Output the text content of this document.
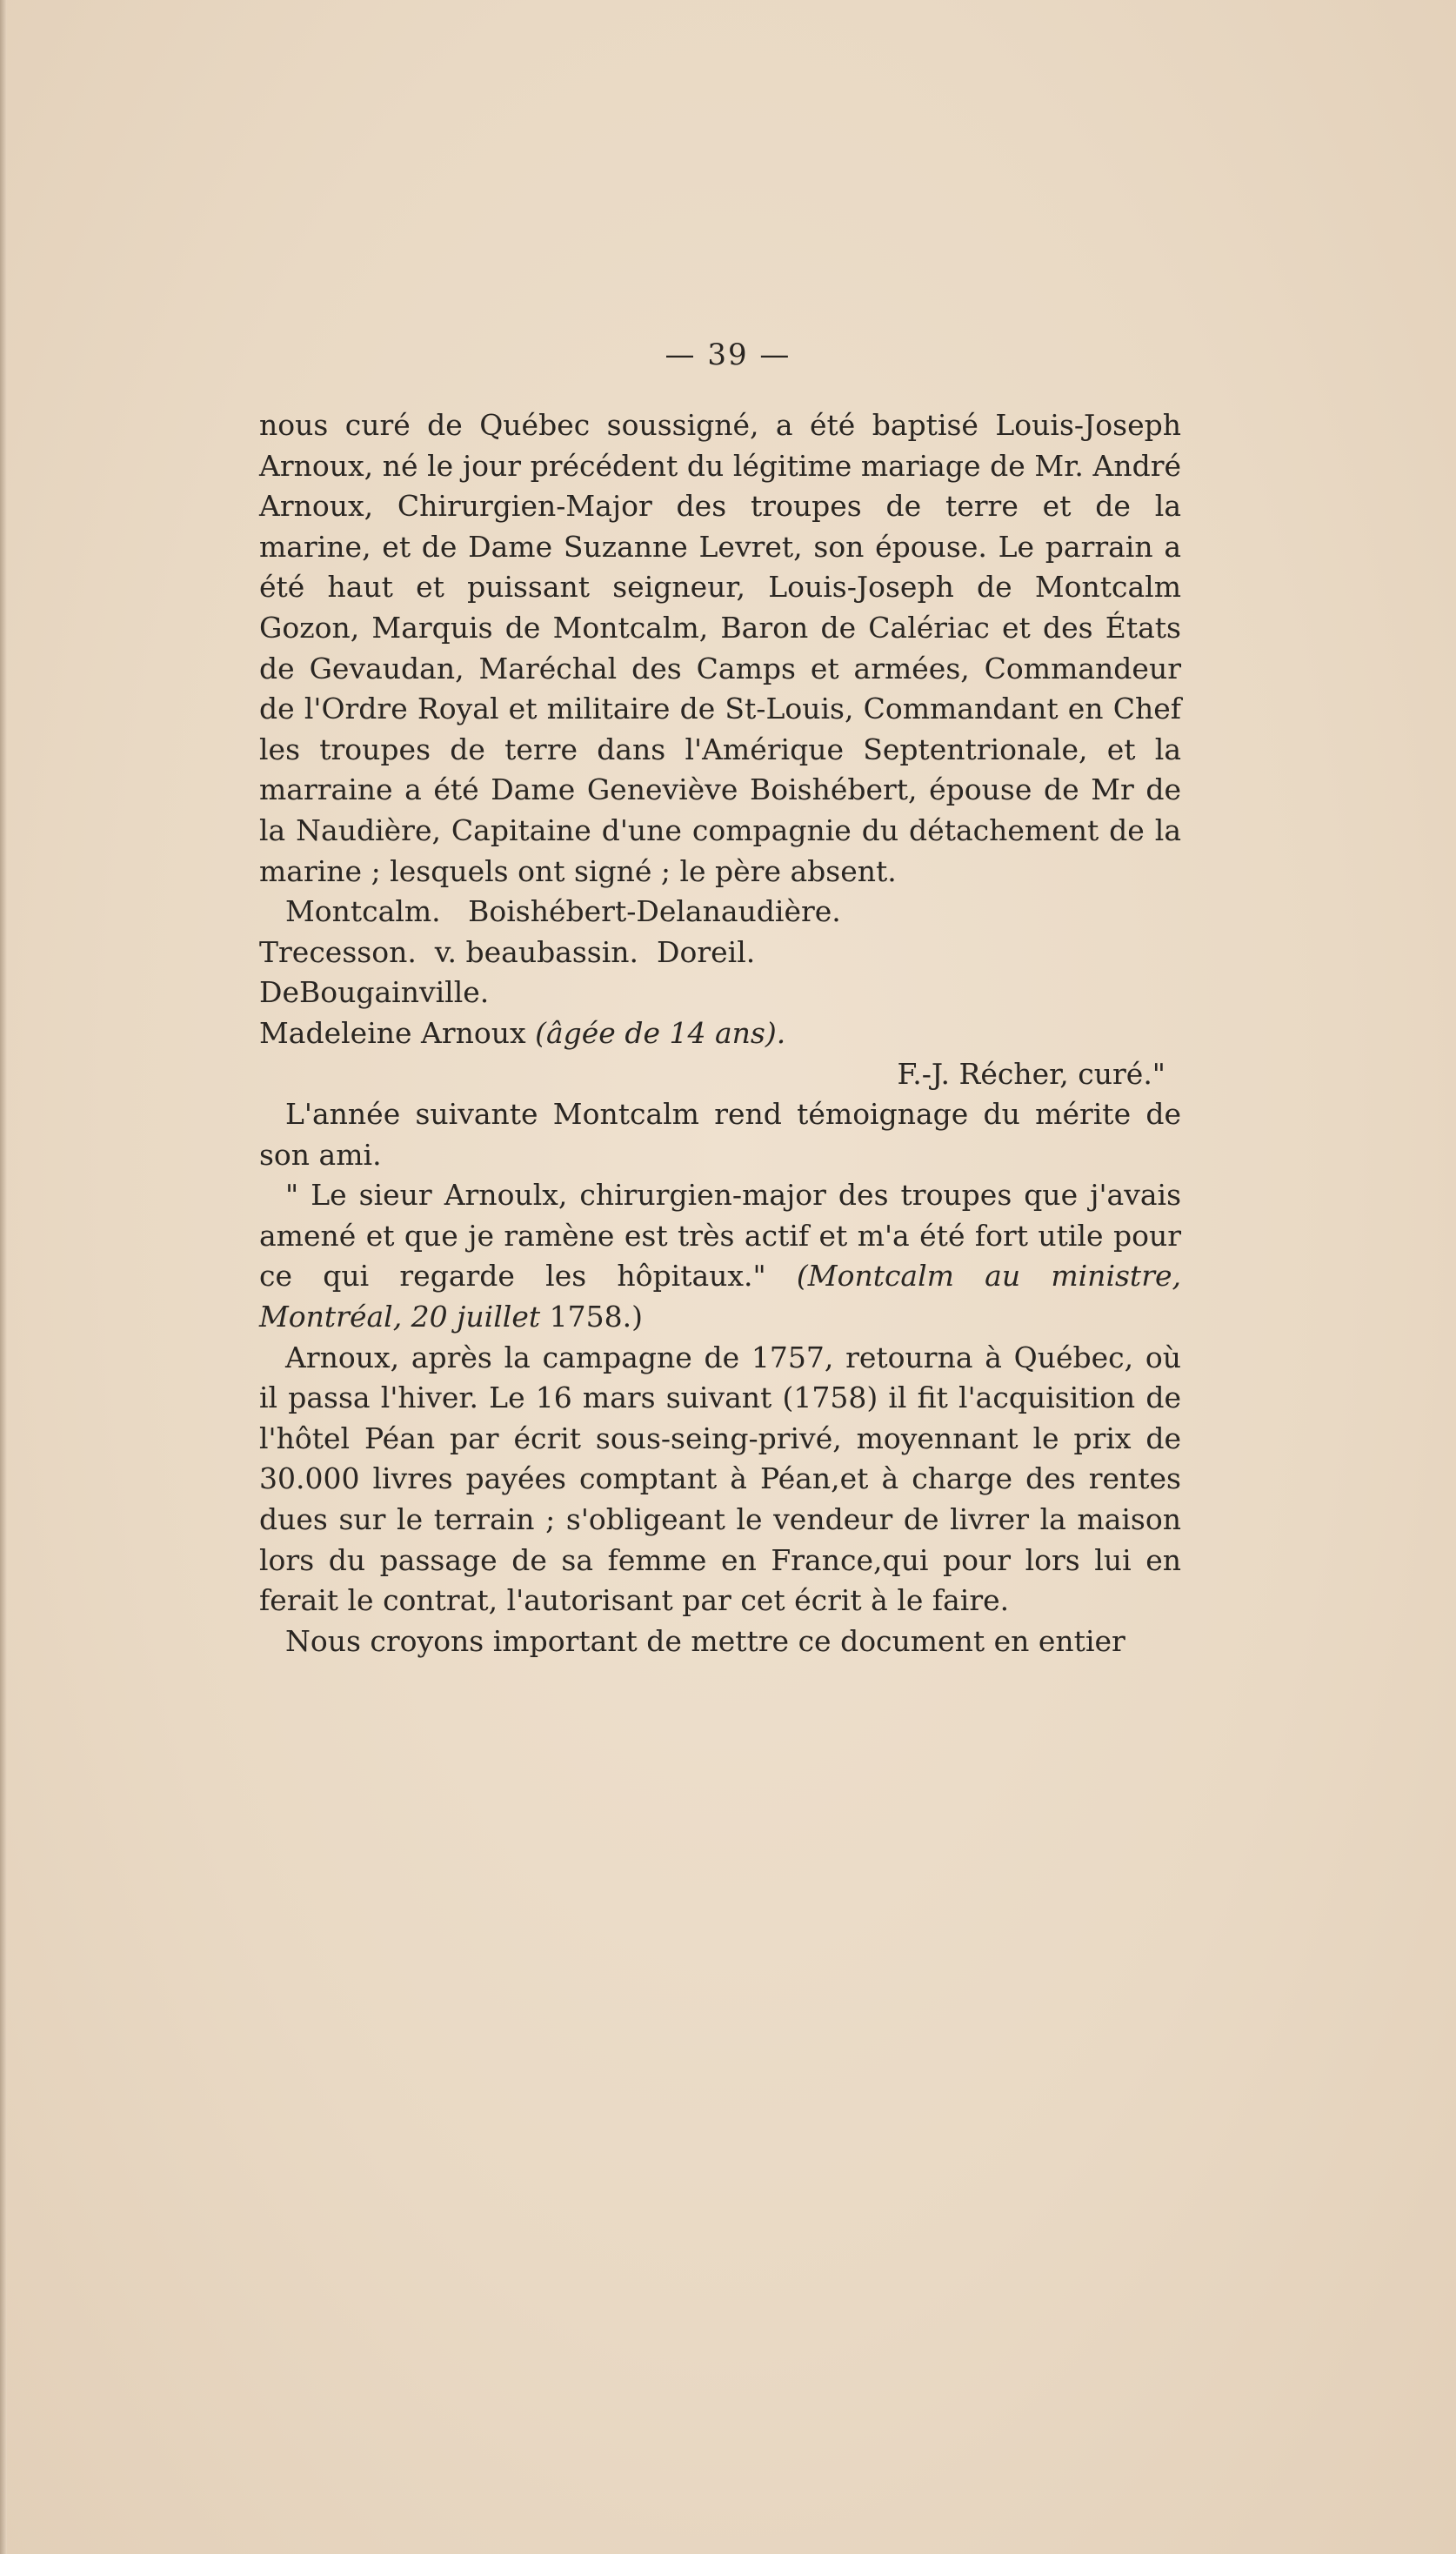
— 39 —

nous curé de Québec soussigné, a été baptisé Louis-Joseph Arnoux, né le jour précédent du légitime mariage de Mr. André Arnoux, Chirurgien-Major des troupes de terre et de la marine, et de Dame Suzanne Levret, son épouse. Le parrain a été haut et puissant seigneur, Louis-Joseph de Montcalm Gozon, Marquis de Montcalm, Baron de Calériac et des États de Gevaudan, Maréchal des Camps et armées, Commandeur de l'Ordre Royal et militaire de St-Louis, Commandant en Chef les troupes de terre dans l'Amérique Septentrionale, et la marraine a été Dame Geneviève Boishébert, épouse de Mr de la Naudière, Capitaine d'une compagnie du détachement de la marine ; lesquels ont signé ; le père absent.

Montcalm.   Boishébert-Delanaudière.
Trecesson.  v. beaubassin.  Doreil.
DeBougainville.
Madeleine Arnoux (âgée de 14 ans).
F.-J. Récher, curé."

L'année suivante Montcalm rend témoignage du mérite de son ami.

" Le sieur Arnoulx, chirurgien-major des troupes que j'avais amené et que je ramène est très actif et m'a été fort utile pour ce qui regarde les hôpitaux." (Montcalm au ministre, Montréal, 20 juillet 1758.)

Arnoux, après la campagne de 1757, retourna à Québec, où il passa l'hiver. Le 16 mars suivant (1758) il fit l'acquisition de l'hôtel Péan par écrit sous-seing-privé, moyennant le prix de 30.000 livres payées comptant à Péan,et à charge des rentes dues sur le terrain ; s'obligeant le vendeur de livrer la maison lors du passage de sa femme en France,qui pour lors lui en ferait le contrat, l'autorisant par cet écrit à le faire.

Nous croyons important de mettre ce document en entier
